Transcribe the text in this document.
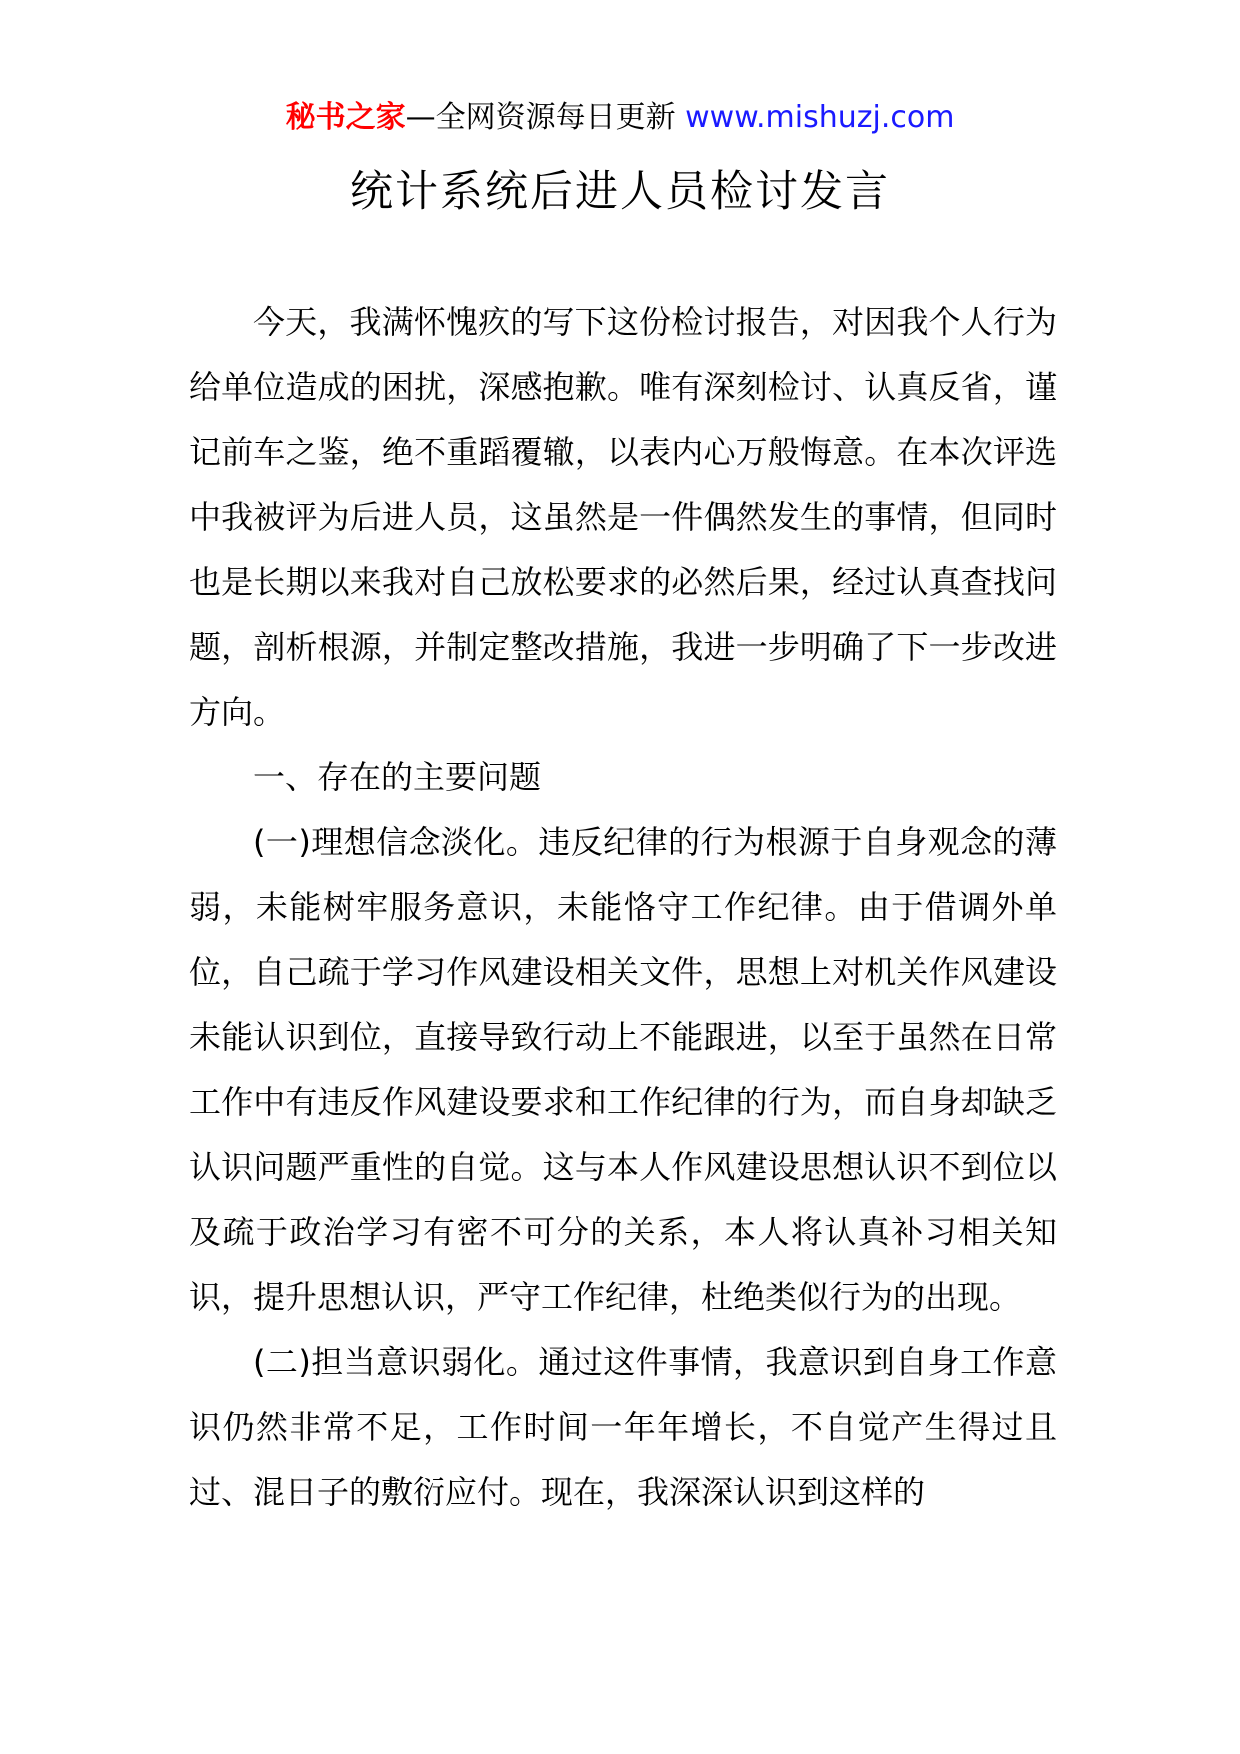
秘书之家—全网资源每日更新 www.mishuzj.com
统计系统后进人员检讨发言

今天，我满怀愧疚的写下这份检讨报告，对因我个人行为给单位造成的困扰，深感抱歉。唯有深刻检讨、认真反省，谨记前车之鉴，绝不重蹈覆辙，以表内心万般悔意。在本次评选中我被评为后进人员，这虽然是一件偶然发生的事情，但同时也是长期以来我对自己放松要求的必然后果，经过认真查找问题，剖析根源，并制定整改措施，我进一步明确了下一步改进方向。

一、存在的主要问题

(一)理想信念淡化。违反纪律的行为根源于自身观念的薄弱，未能树牢服务意识，未能恪守工作纪律。由于借调外单位，自己疏于学习作风建设相关文件，思想上对机关作风建设未能认识到位，直接导致行动上不能跟进，以至于虽然在日常工作中有违反作风建设要求和工作纪律的行为，而自身却缺乏认识问题严重性的自觉。这与本人作风建设思想认识不到位以及疏于政治学习有密不可分的关系，本人将认真补习相关知识，提升思想认识，严守工作纪律，杜绝类似行为的出现。

(二)担当意识弱化。通过这件事情，我意识到自身工作意识仍然非常不足，工作时间一年年增长，不自觉产生得过且过、混日子的敷衍应付。现在，我深深认识到这样的
